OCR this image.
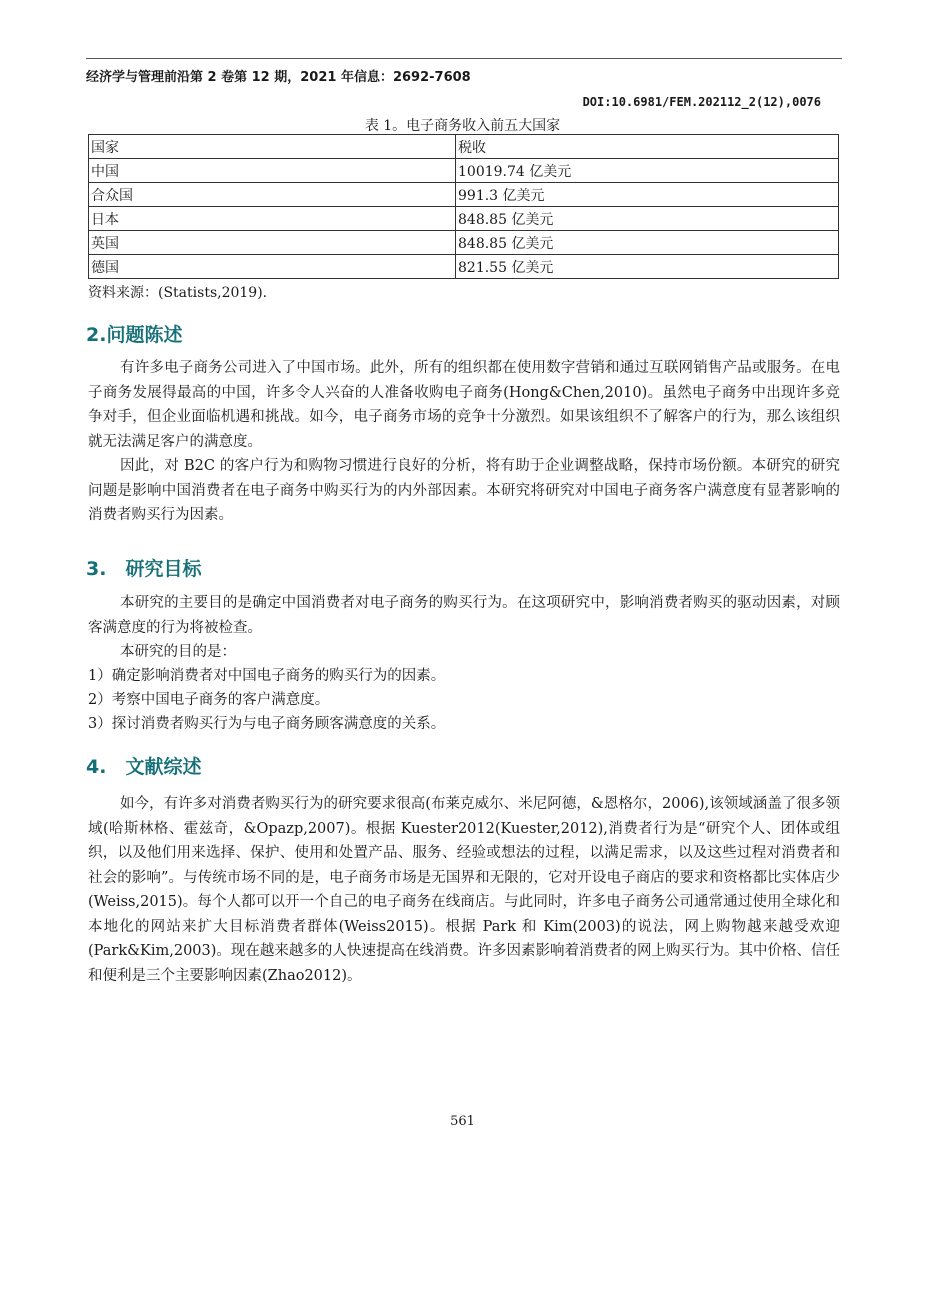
经济学与管理前沿第 2 卷第 12 期，2021 年信息：2692-7608
DOI:10.6981/FEM.202112_2(12),0076
表 1。电子商务收入前五大国家
国家	税收
中国	10019.74 亿美元
合众国	991.3 亿美元
日本	848.85 亿美元
英国	848.85 亿美元
德国	821.55 亿美元
资料来源：(Statists,2019).
2.问题陈述

有许多电子商务公司进入了中国市场。此外，所有的组织都在使用数字营销和通过互联网销售产品或服务。在电子商务发展得最高的中国，许多令人兴奋的人准备收购电子商务(Hong&Chen,2010)。虽然电子商务中出现许多竞争对手，但企业面临机遇和挑战。如今，电子商务市场的竞争十分激烈。如果该组织不了解客户的行为，那么该组织就无法满足客户的满意度。

因此，对 B2C 的客户行为和购物习惯进行良好的分析，将有助于企业调整战略，保持市场份额。本研究的研究问题是影响中国消费者在电子商务中购买行为的内外部因素。本研究将研究对中国电子商务客户满意度有显著影响的消费者购买行为因素。

3.　研究目标

本研究的主要目的是确定中国消费者对电子商务的购买行为。在这项研究中，影响消费者购买的驱动因素，对顾客满意度的行为将被检查。

本研究的目的是：

1）确定影响消费者对中国电子商务的购买行为的因素。

2）考察中国电子商务的客户满意度。

3）探讨消费者购买行为与电子商务顾客满意度的关系。

4.　文献综述

如今，有许多对消费者购买行为的研究要求很高(布莱克威尔、米尼阿德，&恩格尔，2006),该领域涵盖了很多领域(哈斯林格、霍兹奇，&Opazp,2007)。根据 Kuester2012(Kuester,2012),消费者行为是“研究个人、团体或组织，以及他们用来选择、保护、使用和处置产品、服务、经验或想法的过程，以满足需求，以及这些过程对消费者和社会的影响”。与传统市场不同的是，电子商务市场是无国界和无限的，它对开设电子商店的要求和资格都比实体店少(Weiss,2015)。每个人都可以开一个自己的电子商务在线商店。与此同时，许多电子商务公司通常通过使用全球化和本地化的网站来扩大目标消费者群体(Weiss2015)。根据 Park 和 Kim(2003)的说法，网上购物越来越受欢迎(Park&Kim,2003)。现在越来越多的人快速提高在线消费。许多因素影响着消费者的网上购买行为。其中价格、信任和便利是三个主要影响因素(Zhao2012)。

561
